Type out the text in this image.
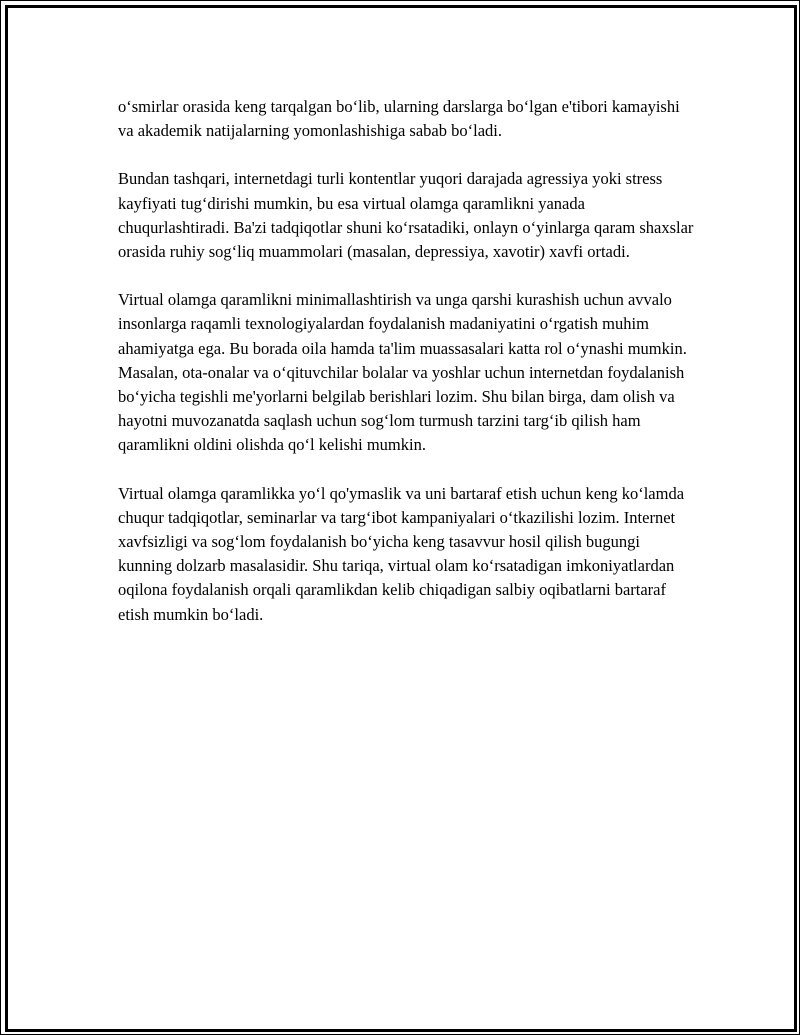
o‘smirlar orasida keng tarqalgan bo‘lib, ularning darslarga bo‘lgan e'tibori kamayishi va akademik natijalarning yomonlashishiga sabab bo‘ladi.

Bundan tashqari, internetdagi turli kontentlar yuqori darajada agressiya yoki stress kayfiyati tug‘dirishi mumkin, bu esa virtual olamga qaramlikni yanada chuqurlashtiradi. Ba'zi tadqiqotlar shuni ko‘rsatadiki, onlayn o‘yinlarga qaram shaxslar orasida ruhiy sog‘liq muammolari (masalan, depressiya, xavotir) xavfi ortadi.

Virtual olamga qaramlikni minimallashtirish va unga qarshi kurashish uchun avvalo insonlarga raqamli texnologiyalardan foydalanish madaniyatini o‘rgatish muhim ahamiyatga ega. Bu borada oila hamda ta'lim muassasalari katta rol o‘ynashi mumkin. Masalan, ota-onalar va o‘qituvchilar bolalar va yoshlar uchun internetdan foydalanish bo‘yicha tegishli me'yorlarni belgilab berishlari lozim. Shu bilan birga, dam olish va hayotni muvozanatda saqlash uchun sog‘lom turmush tarzini targ‘ib qilish ham qaramlikni oldini olishda qo‘l kelishi mumkin.

Virtual olamga qaramlikka yo‘l qo'ymaslik va uni bartaraf etish uchun keng ko‘lamda chuqur tadqiqotlar, seminarlar va targ‘ibot kampaniyalari o‘tkazilishi lozim. Internet xavfsizligi va sog‘lom foydalanish bo‘yicha keng tasavvur hosil qilish bugungi kunning dolzarb masalasidir. Shu tariqa, virtual olam ko‘rsatadigan imkoniyatlardan oqilona foydalanish orqali qaramlikdan kelib chiqadigan salbiy oqibatlarni bartaraf etish mumkin bo‘ladi.
